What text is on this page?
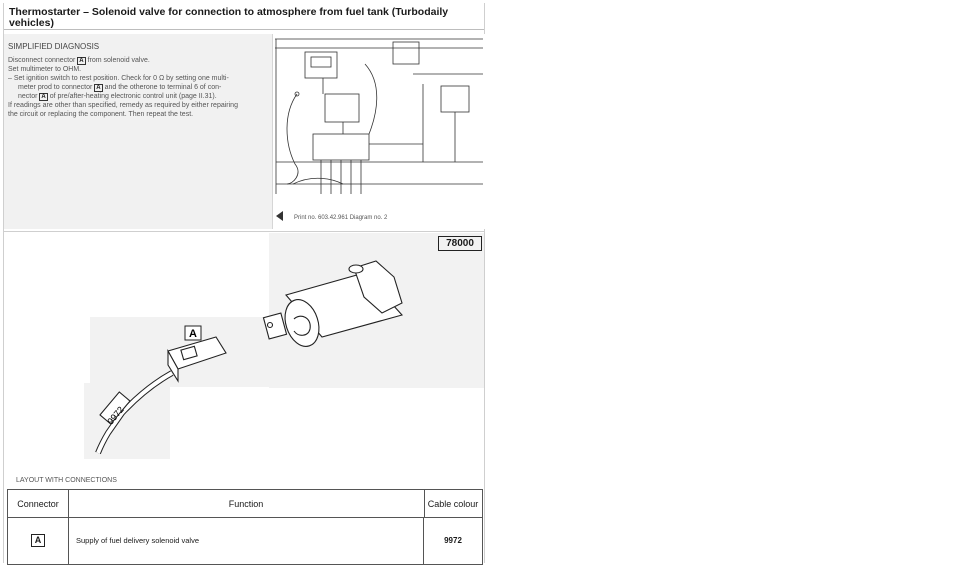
Thermostarter – Solenoid valve for connection to atmosphere from fuel tank (Turbodaily vehicles)
SIMPLIFIED DIAGNOSIS

Disconnect connector A from solenoid valve.

Set multimeter to OHM.

– Set ignition switch to rest position. Check for 0 Ω by setting one multi-

meter prod to connector A and the otherone to terminal 6 of con-

nector A of pre/after-heating electronic control unit (page II.31).

If readings are other than specified, remedy as required by either repairing

the circuit or replacing the component. Then repeat the test.

Print no. 603.42.961 Diagram no. 2
9972
A
78000
LAYOUT WITH CONNECTIONS
Connector	Function	Cable colour
A	Supply of fuel delivery solenoid valve	9972
